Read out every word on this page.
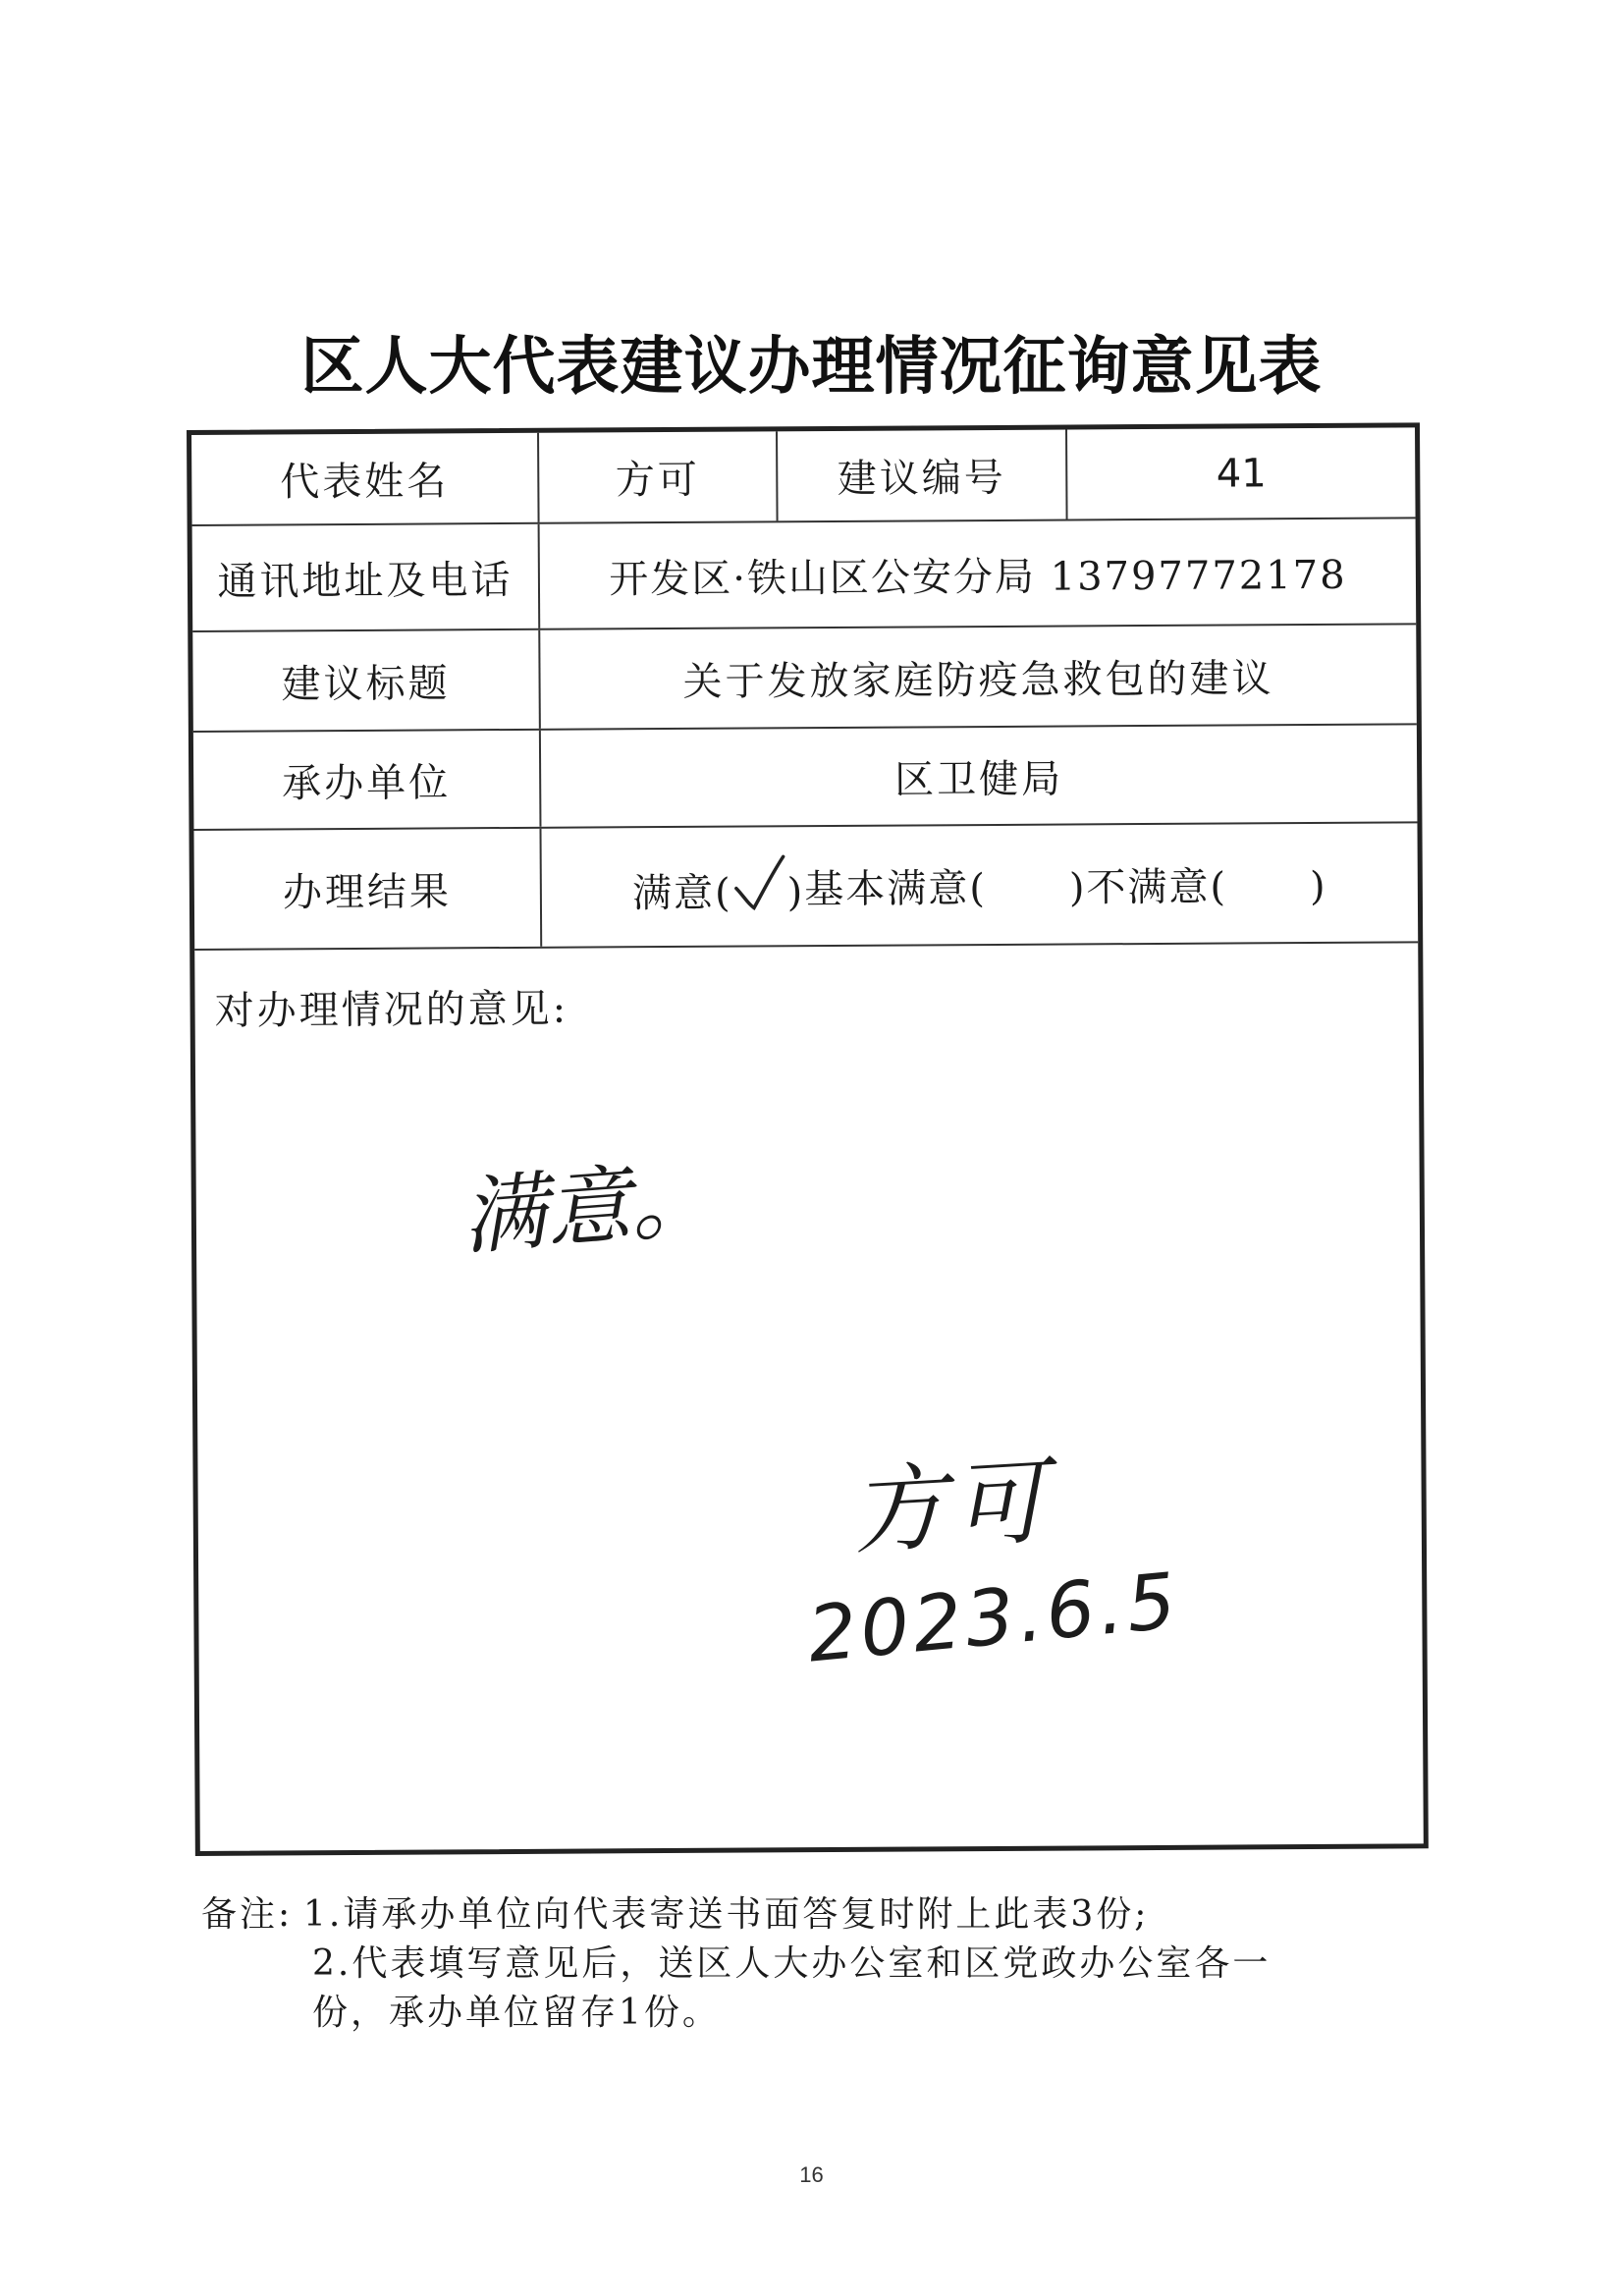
区人大代表建议办理情况征询意见表
代表姓名	方可	建议编号	41
通讯地址及电话	开发区·铁山区公安分局 13797772178
建议标题	关于发放家庭防疫急救包的建议
承办单位	区卫健局
办理结果	满意( ) 基本满意(  ) 不满意(  )
对办理情况的意见:
满意。
方可
2023.6.5
备注: 1.请承办单位向代表寄送书面答复时附上此表3份;
2.代表填写意见后，送区人大办公室和区党政办公室各一
份，承办单位留存1份。
16
